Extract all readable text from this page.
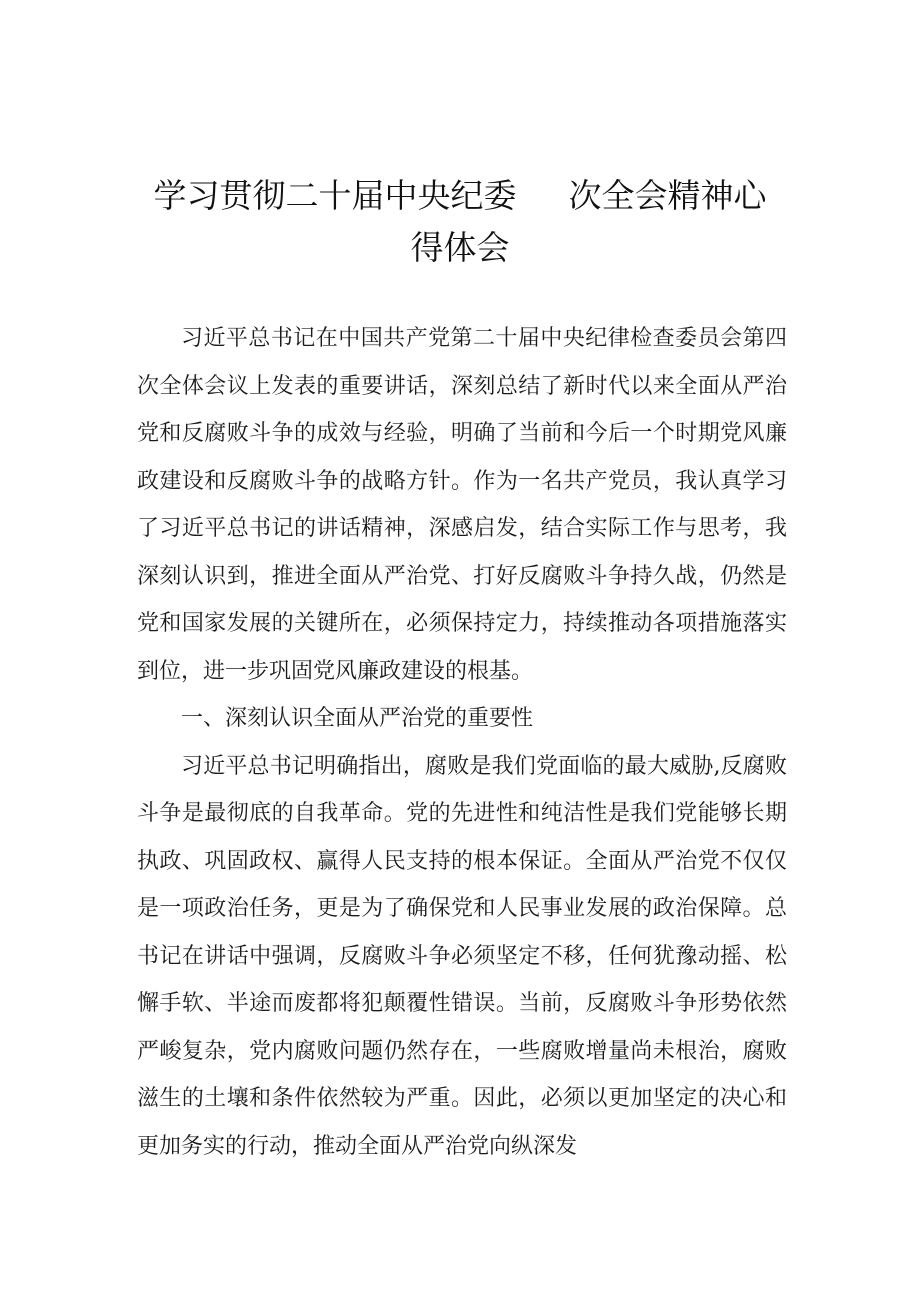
学习贯彻二十届中央纪委 次全会精神心
得体会

习近平总书记在中国共产党第二十届中央纪律检查委员会第四次全体会议上发表的重要讲话，深刻总结了新时代以来全面从严治党和反腐败斗争的成效与经验，明确了当前和今后一个时期党风廉政建设和反腐败斗争的战略方针。作为一名共产党员，我认真学习了习近平总书记的讲话精神，深感启发，结合实际工作与思考，我深刻认识到，推进全面从严治党、打好反腐败斗争持久战，仍然是党和国家发展的关键所在，必须保持定力，持续推动各项措施落实到位，进一步巩固党风廉政建设的根基。

一、深刻认识全面从严治党的重要性

习近平总书记明确指出，腐败是我们党面临的最大威胁,反腐败斗争是最彻底的自我革命。党的先进性和纯洁性是我们党能够长期执政、巩固政权、赢得人民支持的根本保证。全面从严治党不仅仅是一项政治任务，更是为了确保党和人民事业发展的政治保障。总书记在讲话中强调，反腐败斗争必须坚定不移，任何犹豫动摇、松懈手软、半途而废都将犯颠覆性错误。当前，反腐败斗争形势依然严峻复杂，党内腐败问题仍然存在，一些腐败增量尚未根治，腐败滋生的土壤和条件依然较为严重。因此，必须以更加坚定的决心和更加务实的行动，推动全面从严治党向纵深发
